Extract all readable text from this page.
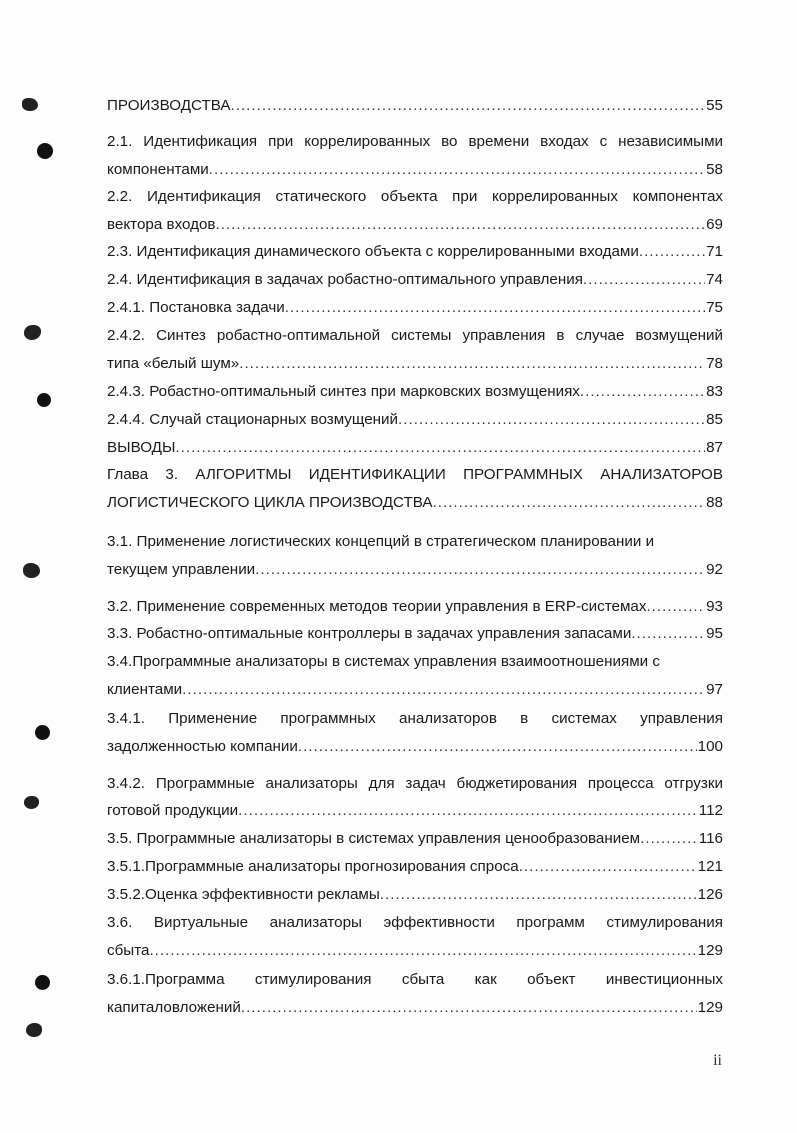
ПРОИЗВОДСТВА .....	55
2.1. Идентификация при коррелированных во времени входах с независимыми
компонентами .....	58
2.2. Идентификация статического объекта при коррелированных компонентах
вектора входов .....	69
2.3. Идентификация динамического объекта с коррелированными входами .....	71
2.4. Идентификация в задачах робастно-оптимального управления .....	74
2.4.1. Постановка задачи .....	75
2.4.2. Синтез робастно-оптимальной системы управления в случае возмущений
типа «белый шум» .....	78
2.4.3. Робастно-оптимальный синтез при марковских возмущениях .....	83
2.4.4. Случай стационарных возмущений .....	85
ВЫВОДЫ .....	87
Глава 3. АЛГОРИТМЫ ИДЕНТИФИКАЦИИ ПРОГРАММНЫХ АНАЛИЗАТОРОВ
ЛОГИСТИЧЕСКОГО ЦИКЛА ПРОИЗВОДСТВА .....	88
3.1. Применение логистических концепций в стратегическом планировании и
текущем управлении .....	92
3.2. Применение современных методов теории управления в ERP-системах .....	93
3.3. Робастно-оптимальные контроллеры в задачах управления запасами .....	95
3.4.Программные анализаторы в системах управления взаимоотношениями с
клиентами .....	97
3.4.1. Применение программных анализаторов в системах управления
задолженностью компании .....	100
3.4.2. Программные анализаторы для задач бюджетирования процесса отгрузки
готовой продукции .....	112
3.5. Программные анализаторы в системах управления ценообразованием .....	116
3.5.1.Программные анализаторы прогнозирования спроса .....	121
3.5.2.Оценка эффективности рекламы .....	126
3.6. Виртуальные анализаторы эффективности программ стимулирования
сбыта .....	129
3.6.1.Программа стимулирования сбыта как объект инвестиционных
капиталовложений .....	129
ii
